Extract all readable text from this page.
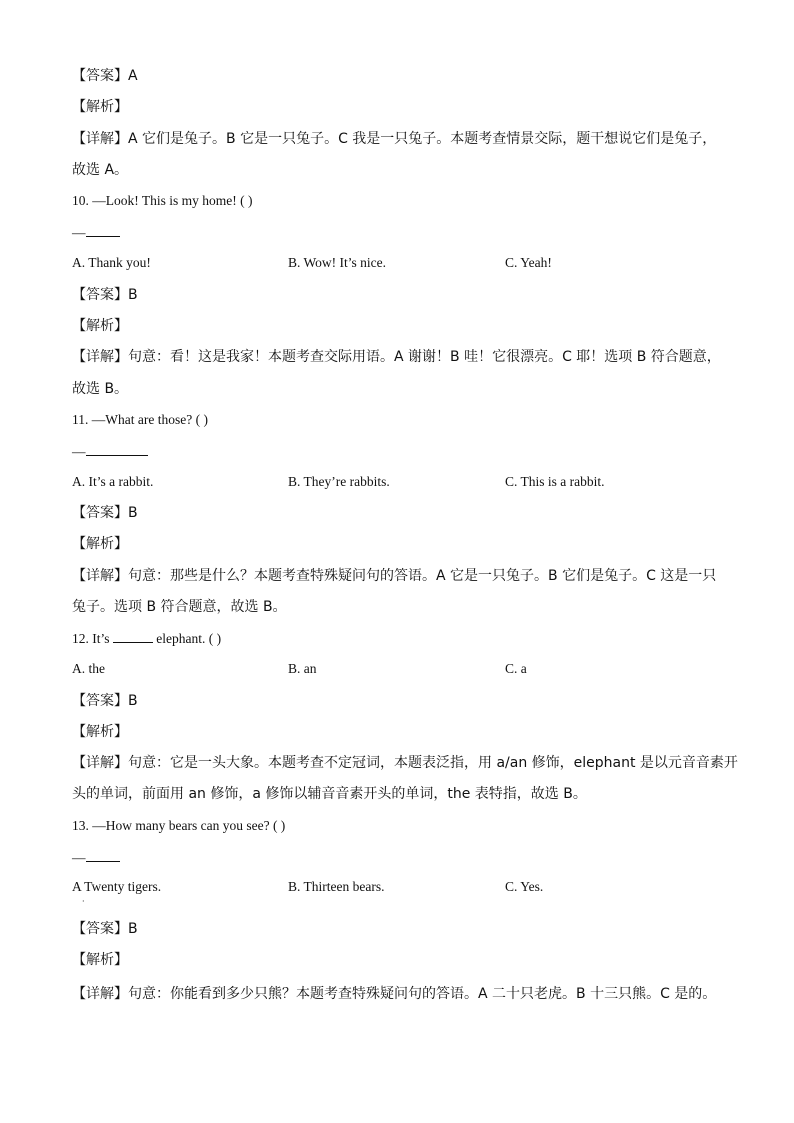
【答案】A
【解析】
【详解】A 它们是兔子。B 它是一只兔子。C 我是一只兔子。本题考查情景交际，题干想说它们是兔子，
故选 A。
10. —Look! This is my home! ( )
—
A. Thank you!	B. Wow! It’s nice.	C. Yeah!
【答案】B
【解析】
【详解】句意：看！这是我家！本题考查交际用语。A 谢谢！B 哇！它很漂亮。C 耶！选项 B 符合题意，
故选 B。
11. —What are those? ( )
—
A. It’s a rabbit.	B. They’re rabbits.	C. This is a rabbit.
【答案】B
【解析】
【详解】句意：那些是什么？本题考查特殊疑问句的答语。A 它是一只兔子。B 它们是兔子。C 这是一只
兔子。选项 B 符合题意，故选 B。
12. It’s	elephant. ( )
A. the	B. an	C. a
【答案】B
【解析】
【详解】句意：它是一头大象。本题考查不定冠词，本题表泛指，用 a/an 修饰，elephant 是以元音音素开
头的单词，前面用 an 修饰，a 修饰以辅音音素开头的单词，the 表特指，故选 B。
13. —How many bears can you see? ( )
—
A Twenty tigers.	B. Thirteen bears.	C. Yes.
·
【答案】B
【解析】
【详解】句意：你能看到多少只熊？本题考查特殊疑问句的答语。A 二十只老虎。B 十三只熊。C 是的。
